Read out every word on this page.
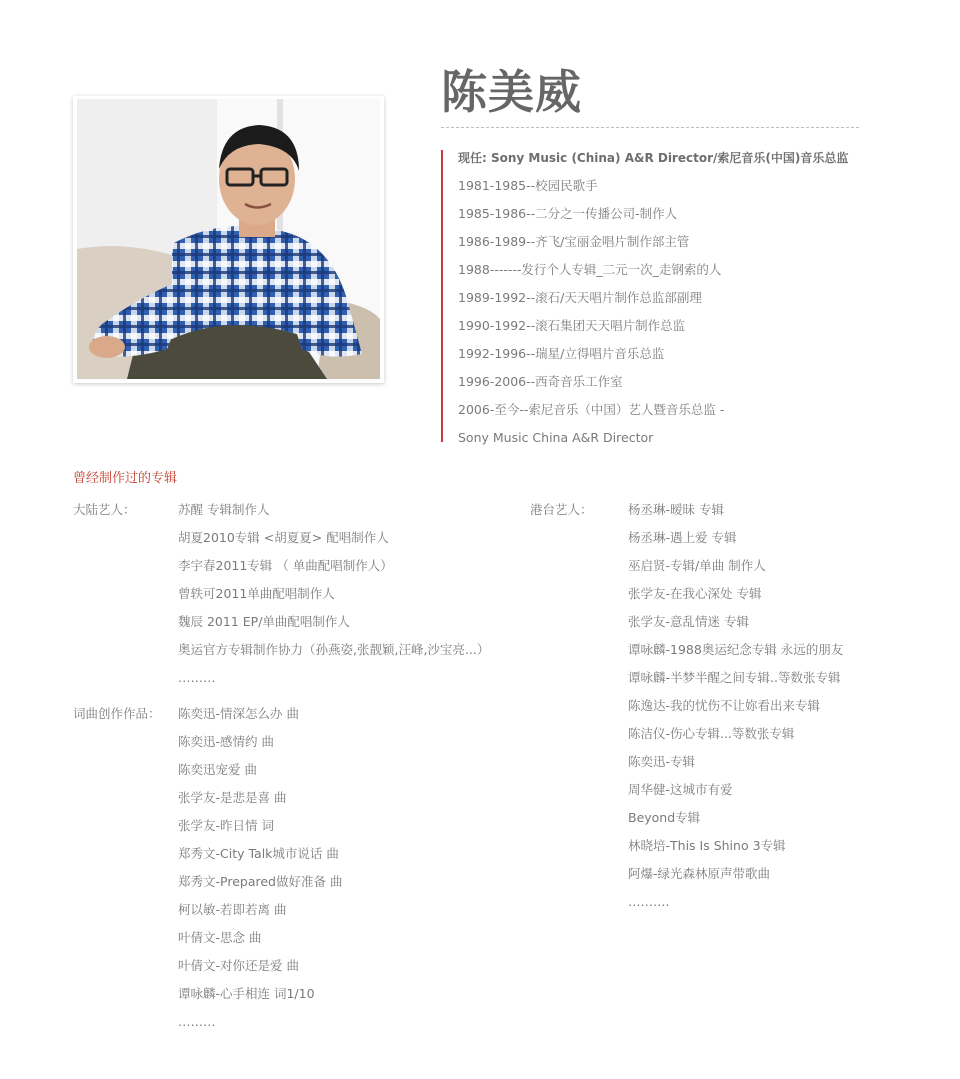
陈美威
现任: Sony Music (China) A&R Director/索尼音乐(中国)音乐总监
1981-1985--校园民歌手
1985-1986--二分之一传播公司-制作人
1986-1989--齐飞/宝丽金唱片制作部主管
1988-------发行个人专辑_二元一次_走钢索的人
1989-1992--滚石/天天唱片制作总监部副理
1990-1992--滚石集团天天唱片制作总监
1992-1996--瑞星/立得唱片音乐总监
1996-2006--西奇音乐工作室
2006-至今--索尼音乐（中国）艺人暨音乐总监 -
Sony Music China A&R Director
曾经制作过的专辑
大陆艺人：	苏醒 专辑制作人
胡夏2010专辑 <胡夏夏> 配唱制作人
李宇春2011专辑 （ 单曲配唱制作人）
曾轶可2011单曲配唱制作人
魏辰 2011 EP/单曲配唱制作人
奥运官方专辑制作协力（孙燕姿,张靓颖,汪峰,沙宝亮...）
………
词曲创作作品： 陈奕迅-情深怎么办 曲
陈奕迅-感情约 曲
陈奕迅宠爱 曲
张学友-是悲是喜 曲
张学友-昨日情 词
郑秀文-City Talk城市说话 曲
郑秀文-Prepared做好准备 曲
柯以敏-若即若离 曲
叶倩文-思念 曲
叶倩文-对你还是爱 曲
谭咏麟-心手相连 词1/10
………
港台艺人：	杨丞琳-暧昧 专辑
杨丞琳-遇上爱 专辑
巫启贤-专辑/单曲 制作人
张学友-在我心深处 专辑
张学友-意乱情迷 专辑
谭咏麟-1988奥运纪念专辑 永远的朋友
谭咏麟-半梦半醒之间专辑..等数张专辑
陈逸达-我的忧伤不让妳看出来专辑
陈洁仪-伤心专辑...等数张专辑
陈奕迅-专辑
周华健-这城市有爱
Beyond专辑
林晓培-This Is Shino 3专辑
阿爆-绿光森林原声带歌曲
……….
